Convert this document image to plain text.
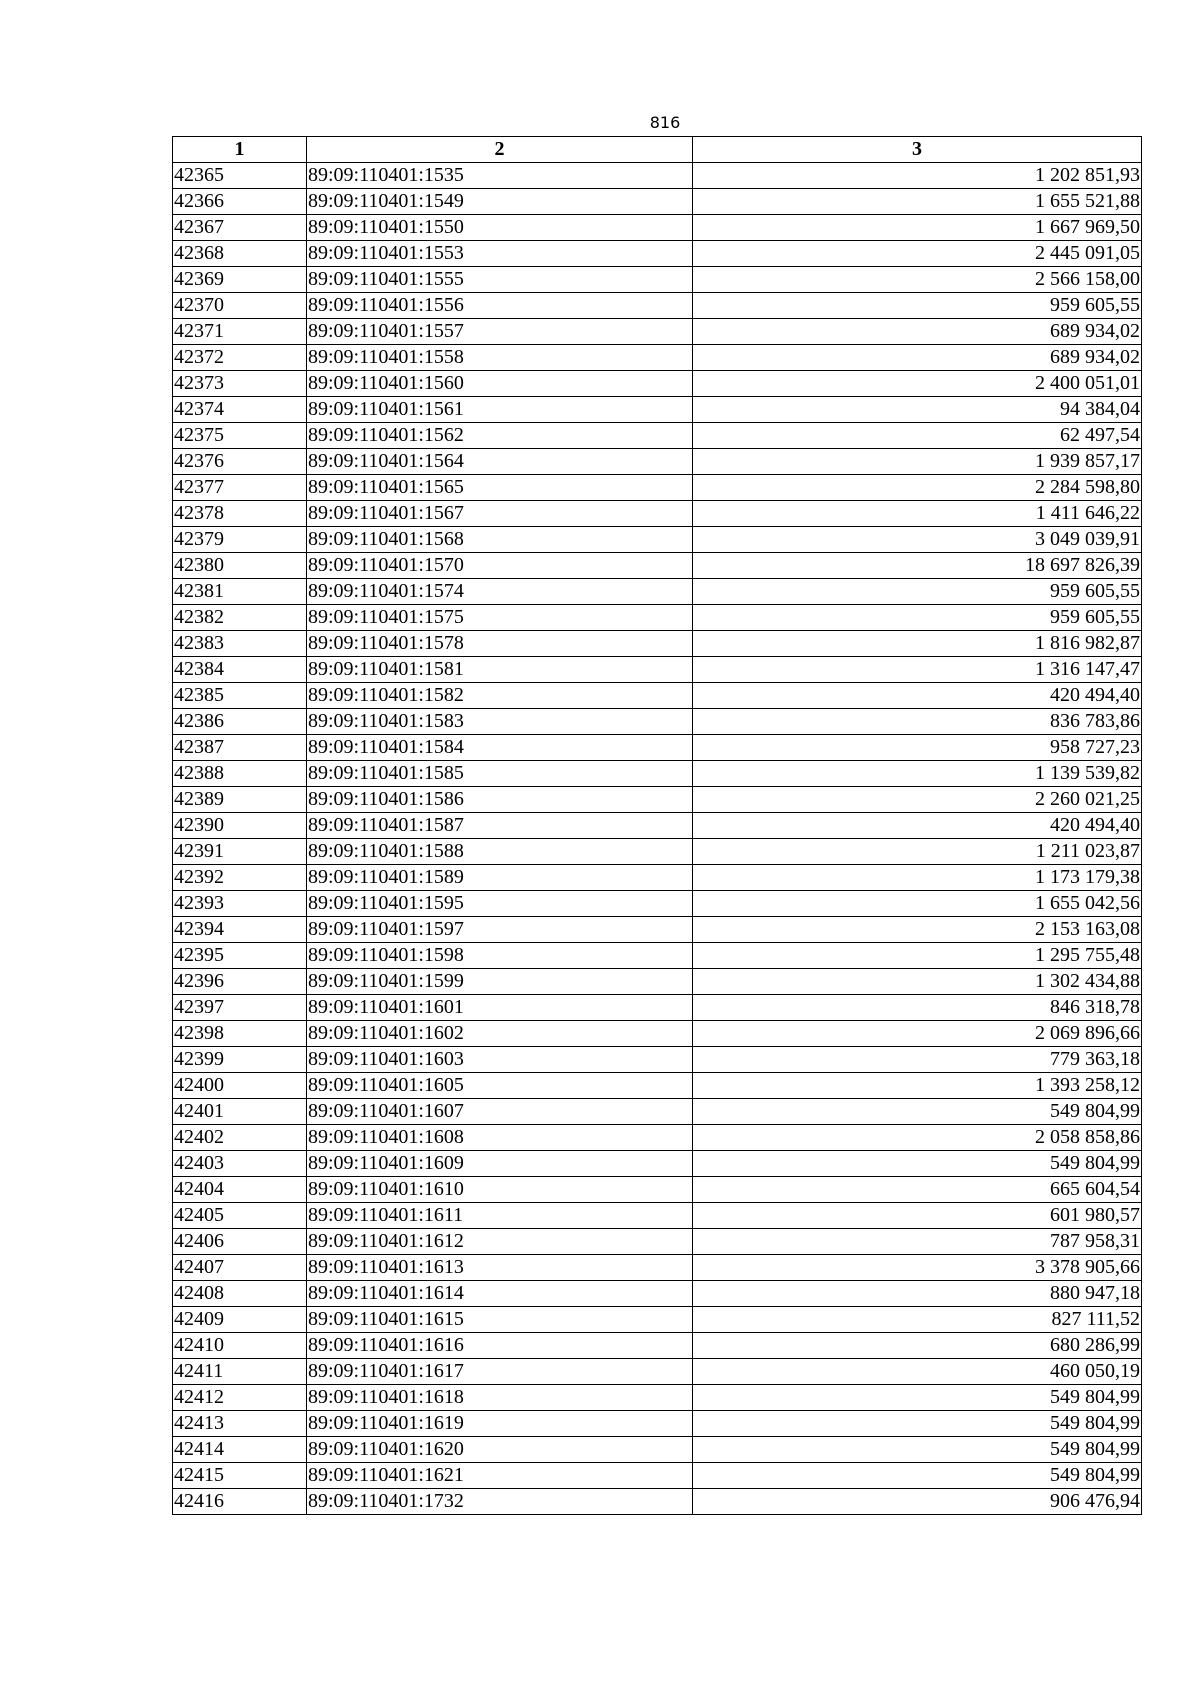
816
1	2	3
42365	89:09:110401:1535	1 202 851,93
42366	89:09:110401:1549	1 655 521,88
42367	89:09:110401:1550	1 667 969,50
42368	89:09:110401:1553	2 445 091,05
42369	89:09:110401:1555	2 566 158,00
42370	89:09:110401:1556	959 605,55
42371	89:09:110401:1557	689 934,02
42372	89:09:110401:1558	689 934,02
42373	89:09:110401:1560	2 400 051,01
42374	89:09:110401:1561	94 384,04
42375	89:09:110401:1562	62 497,54
42376	89:09:110401:1564	1 939 857,17
42377	89:09:110401:1565	2 284 598,80
42378	89:09:110401:1567	1 411 646,22
42379	89:09:110401:1568	3 049 039,91
42380	89:09:110401:1570	18 697 826,39
42381	89:09:110401:1574	959 605,55
42382	89:09:110401:1575	959 605,55
42383	89:09:110401:1578	1 816 982,87
42384	89:09:110401:1581	1 316 147,47
42385	89:09:110401:1582	420 494,40
42386	89:09:110401:1583	836 783,86
42387	89:09:110401:1584	958 727,23
42388	89:09:110401:1585	1 139 539,82
42389	89:09:110401:1586	2 260 021,25
42390	89:09:110401:1587	420 494,40
42391	89:09:110401:1588	1 211 023,87
42392	89:09:110401:1589	1 173 179,38
42393	89:09:110401:1595	1 655 042,56
42394	89:09:110401:1597	2 153 163,08
42395	89:09:110401:1598	1 295 755,48
42396	89:09:110401:1599	1 302 434,88
42397	89:09:110401:1601	846 318,78
42398	89:09:110401:1602	2 069 896,66
42399	89:09:110401:1603	779 363,18
42400	89:09:110401:1605	1 393 258,12
42401	89:09:110401:1607	549 804,99
42402	89:09:110401:1608	2 058 858,86
42403	89:09:110401:1609	549 804,99
42404	89:09:110401:1610	665 604,54
42405	89:09:110401:1611	601 980,57
42406	89:09:110401:1612	787 958,31
42407	89:09:110401:1613	3 378 905,66
42408	89:09:110401:1614	880 947,18
42409	89:09:110401:1615	827 111,52
42410	89:09:110401:1616	680 286,99
42411	89:09:110401:1617	460 050,19
42412	89:09:110401:1618	549 804,99
42413	89:09:110401:1619	549 804,99
42414	89:09:110401:1620	549 804,99
42415	89:09:110401:1621	549 804,99
42416	89:09:110401:1732	906 476,94
